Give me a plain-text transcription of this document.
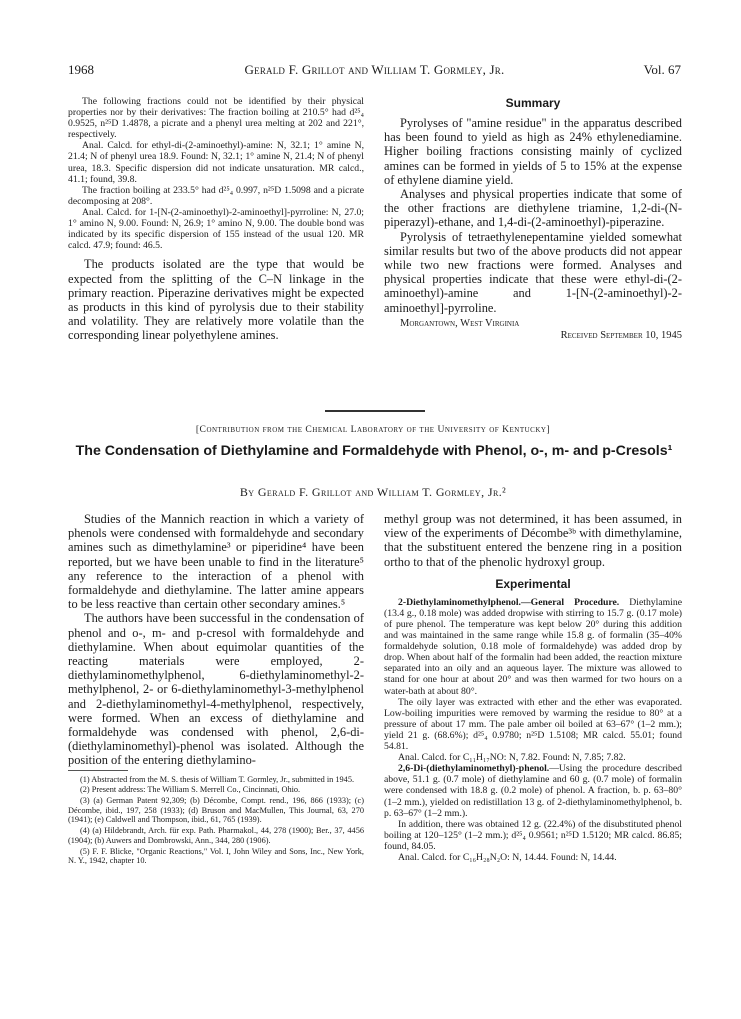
1968	Gerald F. Grillot and William T. Gormley, Jr.	Vol. 67

The following fractions could not be identified by their physical properties nor by their derivatives: The fraction boiling at 210.5° had d²⁵₄ 0.9525, n²⁵D 1.4878, a picrate and a phenyl urea melting at 202 and 221°, respectively.

Anal. Calcd. for ethyl-di-(2-aminoethyl)-amine: N, 32.1; 1° amine N, 21.4; N of phenyl urea 18.9. Found: N, 32.1; 1° amine N, 21.4; N of phenyl urea, 18.3. Specific dispersion did not indicate unsaturation. MR calcd., 41.1; found, 39.8.

The fraction boiling at 233.5° had d²⁵₄ 0.997, n²⁵D 1.5098 and a picrate decomposing at 208°.

Anal. Calcd. for 1-[N-(2-aminoethyl)-2-aminoethyl]-pyrroline: N, 27.0; 1° amino N, 9.00. Found: N, 26.9; 1° amino N, 9.00. The double bond was indicated by its specific dispersion of 155 instead of the usual 120. MR calcd. 47.9; found: 46.5.

The products isolated are the type that would be expected from the splitting of the C–N linkage in the primary reaction. Piperazine derivatives might be expected as products in this kind of pyrolysis due to their stability and volatility. They are relatively more volatile than the corresponding linear polyethylene amines.

Summary

Pyrolyses of "amine residue" in the apparatus described has been found to yield as high as 24% ethylenediamine. Higher boiling fractions consisting mainly of cyclized amines can be formed in yields of 5 to 15% at the expense of ethylene diamine yield.

Analyses and physical properties indicate that some of the other fractions are diethylene triamine, 1,2-di-(N-piperazyl)-ethane, and 1,4-di-(2-aminoethyl)-piperazine.

Pyrolysis of tetraethylenepentamine yielded somewhat similar results but two of the above products did not appear while two new fractions were formed. Analyses and physical properties indicate that these were ethyl-di-(2-aminoethyl)-amine and 1-[N-(2-aminoethyl)-2-aminoethyl]-pyrroline.

Morgantown, West Virginia
Received September 10, 1945
[Contribution from the Chemical Laboratory of the University of Kentucky]
The Condensation of Diethylamine and Formaldehyde with Phenol, o-, m- and p-Cresols¹
By Gerald F. Grillot and William T. Gormley, Jr.²

Studies of the Mannich reaction in which a variety of phenols were condensed with formaldehyde and secondary amines such as dimethylamine³ or piperidine⁴ have been reported, but we have been unable to find in the literature⁵ any reference to the interaction of a phenol with formaldehyde and diethylamine. The latter amine appears to be less reactive than certain other secondary amines.⁵

The authors have been successful in the condensation of phenol and o-, m- and p-cresol with formaldehyde and diethylamine. When about equimolar quantities of the reacting materials were employed, 2-diethylaminomethylphenol, 6-diethylaminomethyl-2-methylphenol, 2- or 6-diethylaminomethyl-3-methylphenol and 2-diethylaminomethyl-4-methylphenol, respectively, were formed. When an excess of diethylamine and formaldehyde was condensed with phenol, 2,6-di-(diethylaminomethyl)-phenol was isolated. Although the position of the entering diethylamino-

(1) Abstracted from the M. S. thesis of William T. Gormley, Jr., submitted in 1945.

(2) Present address: The William S. Merrell Co., Cincinnati, Ohio.

(3) (a) German Patent 92,309; (b) Décombe, Compt. rend., 196, 866 (1933); (c) Décombe, ibid., 197, 258 (1933); (d) Bruson and MacMullen, This Journal, 63, 270 (1941); (e) Caldwell and Thompson, ibid., 61, 765 (1939).

(4) (a) Hildebrandt, Arch. für exp. Path. Pharmakol., 44, 278 (1900); Ber., 37, 4456 (1904); (b) Auwers and Dombrowski, Ann., 344, 280 (1906).

(5) F. F. Blicke, "Organic Reactions," Vol. I, John Wiley and Sons, Inc., New York, N. Y., 1942, chapter 10.

methyl group was not determined, it has been assumed, in view of the experiments of Décombe³ᵇ with dimethylamine, that the substituent entered the benzene ring in a position ortho to that of the phenolic hydroxyl group.

Experimental

2-Diethylaminomethylphenol.—General Procedure. Diethylamine (13.4 g., 0.18 mole) was added dropwise with stirring to 15.7 g. (0.17 mole) of pure phenol. The temperature was kept below 20° during this addition and was maintained in the same range while 15.8 g. of formalin (35–40% formaldehyde solution, 0.18 mole of formaldehyde) was added drop by drop. When about half of the formalin had been added, the reaction mixture separated into an oily and an aqueous layer. The mixture was allowed to stand for one hour at about 20° and was then warmed for two hours on a water-bath at about 80°.

The oily layer was extracted with ether and the ether was evaporated. Low-boiling impurities were removed by warming the residue to 80° at a pressure of about 17 mm. The pale amber oil boiled at 63–67° (1–2 mm.); yield 21 g. (68.6%); d²⁵₄ 0.9780; n²⁵D 1.5108; MR calcd. 55.01; found 54.81.

Anal. Calcd. for C₁₁H₁₇NO: N, 7.82. Found: N, 7.85; 7.82.

2,6-Di-(diethylaminomethyl)-phenol.—Using the procedure described above, 51.1 g. (0.7 mole) of diethylamine and 60 g. (0.7 mole) of formalin were condensed with 18.8 g. (0.2 mole) of phenol. A fraction, b. p. 63–80° (1–2 mm.), yielded on redistillation 13 g. of 2-diethylaminomethylphenol, b. p. 63–67° (1–2 mm.).

In addition, there was obtained 12 g. (22.4%) of the disubstituted phenol boiling at 120–125° (1–2 mm.); d²⁵₄ 0.9561; n²⁵D 1.5120; MR calcd. 86.85; found, 84.05.

Anal. Calcd. for C₁₆H₂₈N₂O: N, 14.44. Found: N, 14.44.
